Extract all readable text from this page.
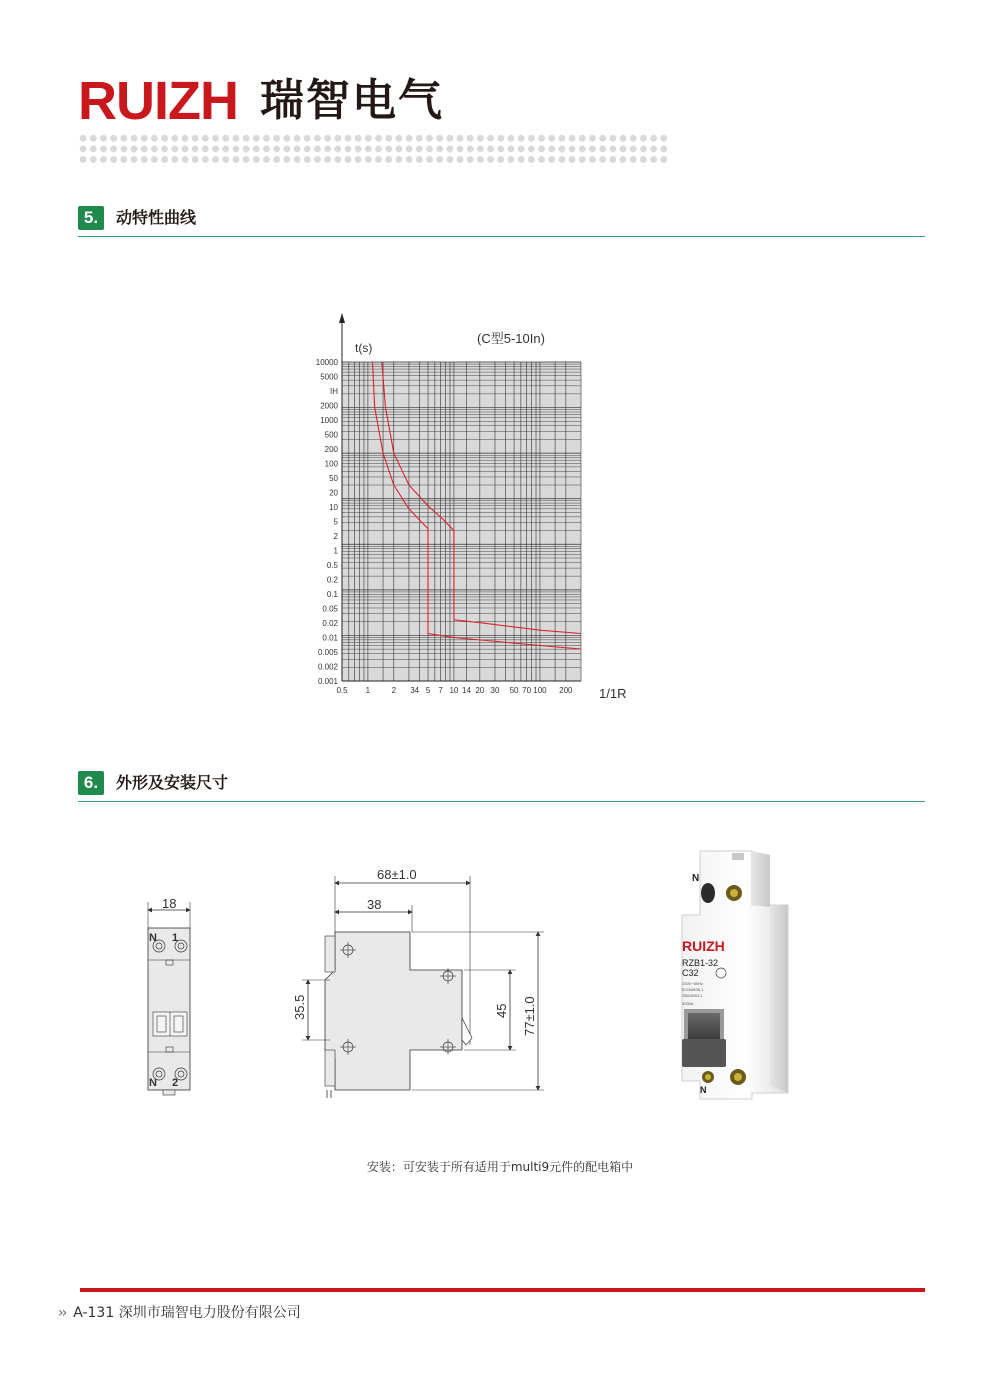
RUIZH 瑞智电气
5.	动特性曲线
10000
5000
IH
2000
1000
500
200
100
50
20
10
5
2
1
0.5
0.2
0.1
0.05
0.02
0.01
0.005
0.002
0.001
0.5 1	2 34 5 7 10 14 20 30 50 70 100 200
t(s)
(C型5-10In)
1/1R
6.	外形及安装尺寸
18
N 1
N 2
68±1.0
38
35.5	45 77±1.0
N
RUIZH
RZB1-32
C32
230V~50Hz
IEC60898-1
GB10963.1
3000A
N
安装：可安装于所有适用于multi9元件的配电箱中
›› A-131 深圳市瑞智电力股份有限公司
